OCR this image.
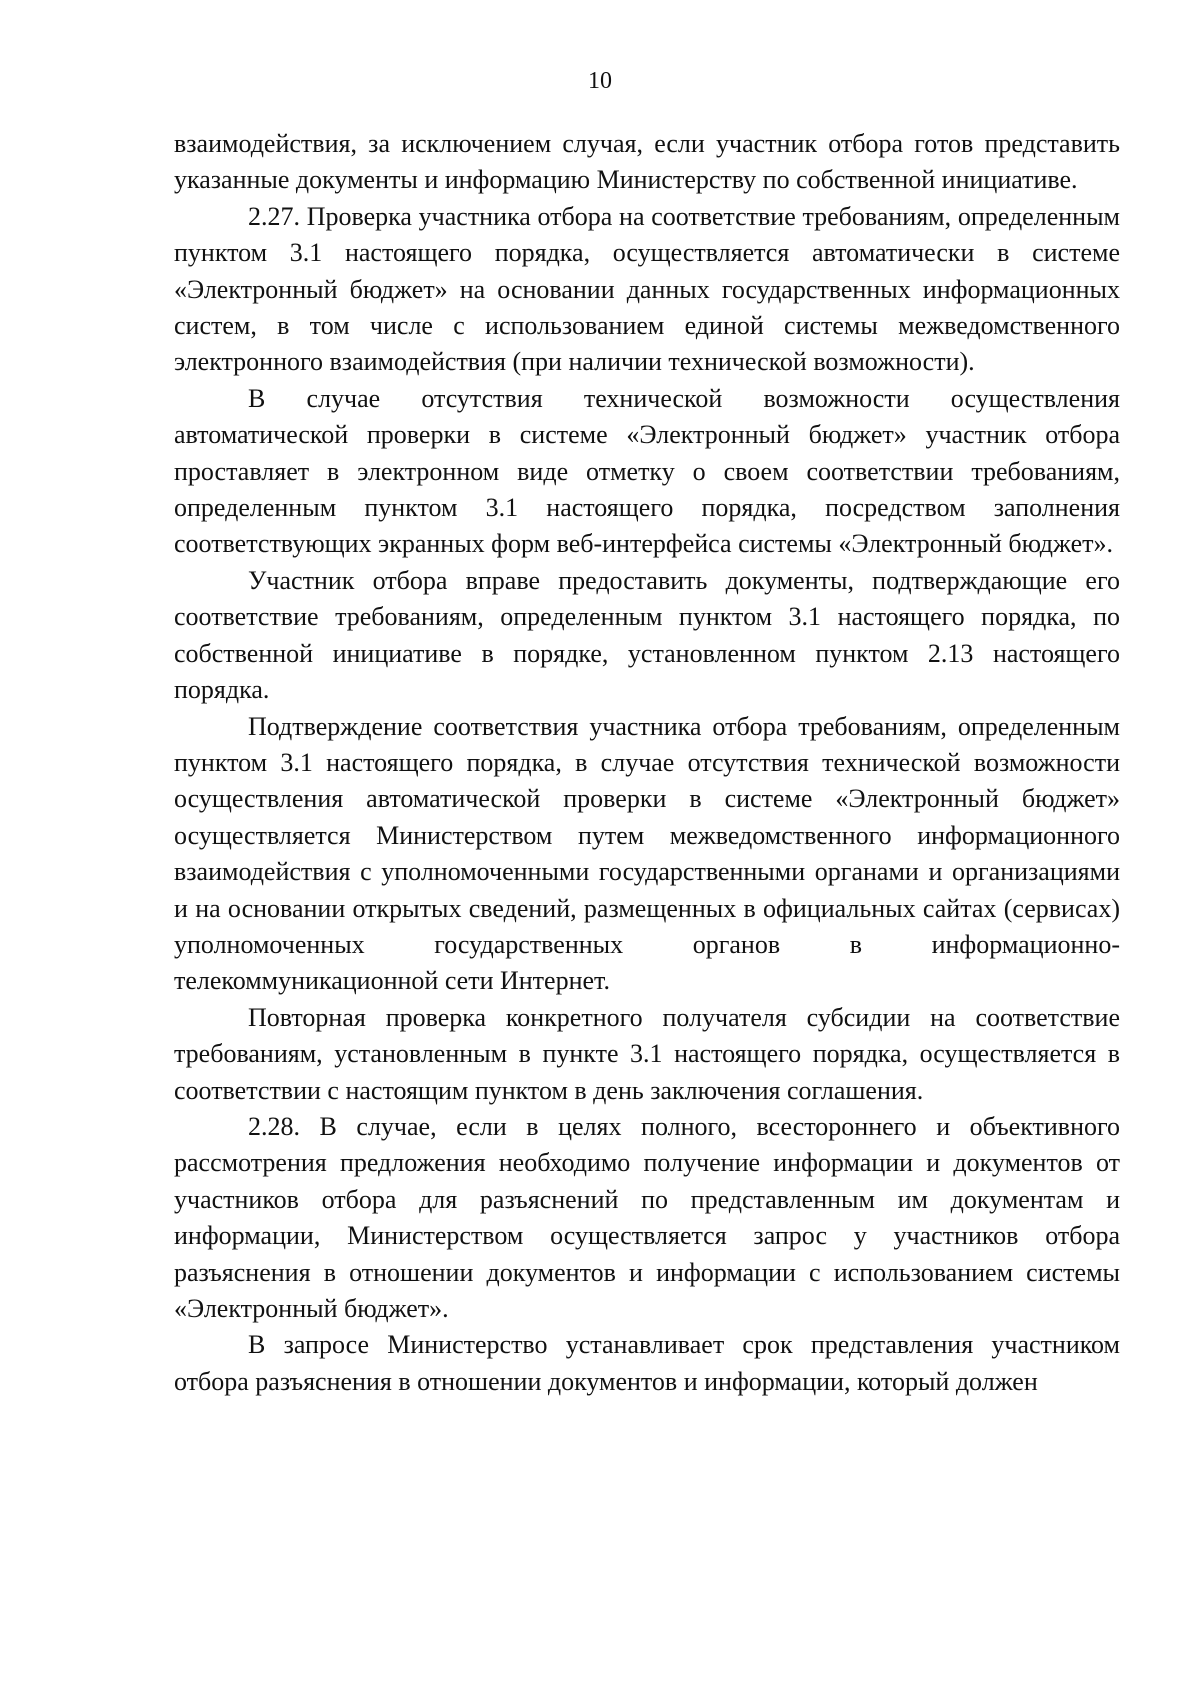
10

взаимодействия, за исключением случая, если участник отбора готов представить указанные документы и информацию Министерству по собственной инициативе.

2.27. Проверка участника отбора на соответствие требованиям, определенным пунктом 3.1 настоящего порядка, осуществляется автоматически в системе «Электронный бюджет» на основании данных государственных информационных систем, в том числе с использованием единой системы межведомственного электронного взаимодействия (при наличии технической возможности).

В случае отсутствия технической возможности осуществления автоматической проверки в системе «Электронный бюджет» участник отбора проставляет в электронном виде отметку о своем соответствии требованиям, определенным пунктом 3.1 настоящего порядка, посредством заполнения соответствующих экранных форм веб-интерфейса системы «Электронный бюджет».

Участник отбора вправе предоставить документы, подтверждающие его соответствие требованиям, определенным пунктом 3.1 настоящего порядка, по собственной инициативе в порядке, установленном пунктом 2.13 настоящего порядка.

Подтверждение соответствия участника отбора требованиям, определенным пунктом 3.1 настоящего порядка, в случае отсутствия технической возможности осуществления автоматической проверки в системе «Электронный бюджет» осуществляется Министерством путем межведомственного информационного взаимодействия с уполномоченными государственными органами и организациями и на основании открытых сведений, размещенных в официальных сайтах (сервисах) уполномоченных государственных органов в информационно-телекоммуникационной сети Интернет.

Повторная проверка конкретного получателя субсидии на соответствие требованиям, установленным в пункте 3.1 настоящего порядка, осуществляется в соответствии с настоящим пунктом в день заключения соглашения.

2.28. В случае, если в целях полного, всестороннего и объективного рассмотрения предложения необходимо получение информации и документов от участников отбора для разъяснений по представленным им документам и информации, Министерством осуществляется запрос у участников отбора разъяснения в отношении документов и информации с использованием системы «Электронный бюджет».

В запросе Министерство устанавливает срок представления участником отбора разъяснения в отношении документов и информации, который должен
